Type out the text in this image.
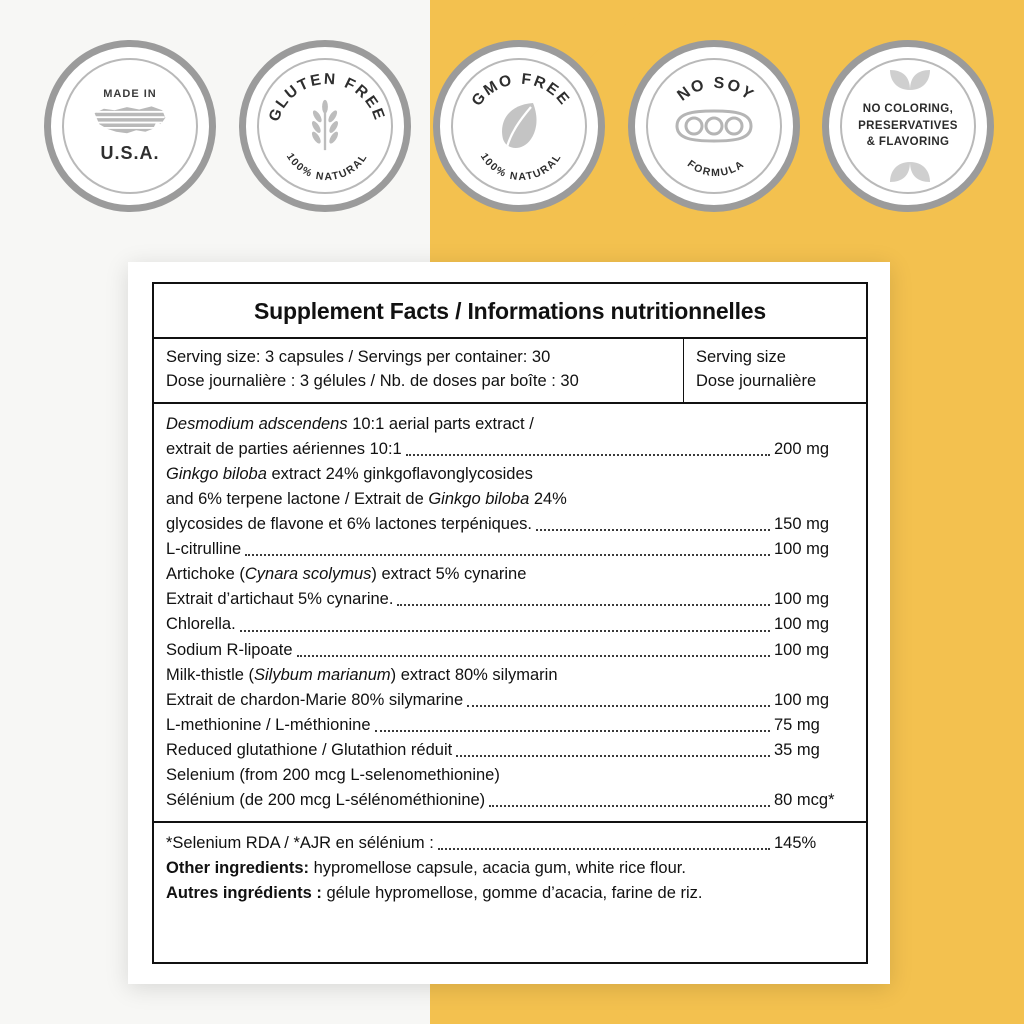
MADE IN
U.S.A.
GLUTEN FREE
100% NATURAL
GMO FREE
100% NATURAL
NO SOY
FORMULA
NO COLORING,
PRESERVATIVES
& FLAVORING
Supplement Facts / Informations nutritionnelles
Serving size: 3 capsules / Servings per container: 30
Dose journalière : 3 gélules / Nb. de doses par boîte : 30
Serving size
Dose journalière
Desmodium adscendens 10:1 aerial parts extract /
extrait de parties aériennes 10:1	200 mg
Ginkgo biloba extract 24% ginkgoflavonglycosides
and 6% terpene lactone / Extrait de Ginkgo biloba 24%
glycosides de flavone et 6% lactones terpéniques.	150 mg
L-citrulline	100 mg
Artichoke (Cynara scolymus) extract 5% cynarine
Extrait d’artichaut 5% cynarine.	100 mg
Chlorella.	100 mg
Sodium R-lipoate	100 mg
Milk-thistle (Silybum marianum) extract 80% silymarin
Extrait de chardon-Marie 80% silymarine	100 mg
L-methionine / L-méthionine	75 mg
Reduced glutathione / Glutathion réduit	35 mg
Selenium (from 200 mcg L-selenomethionine)
Sélénium (de 200 mcg L-sélénométhionine)	80 mcg*
*Selenium RDA / *AJR en sélénium :	145%
Other ingredients: hypromellose capsule, acacia gum, white rice flour.
Autres ingrédients : gélule hypromellose, gomme d’acacia, farine de riz.
